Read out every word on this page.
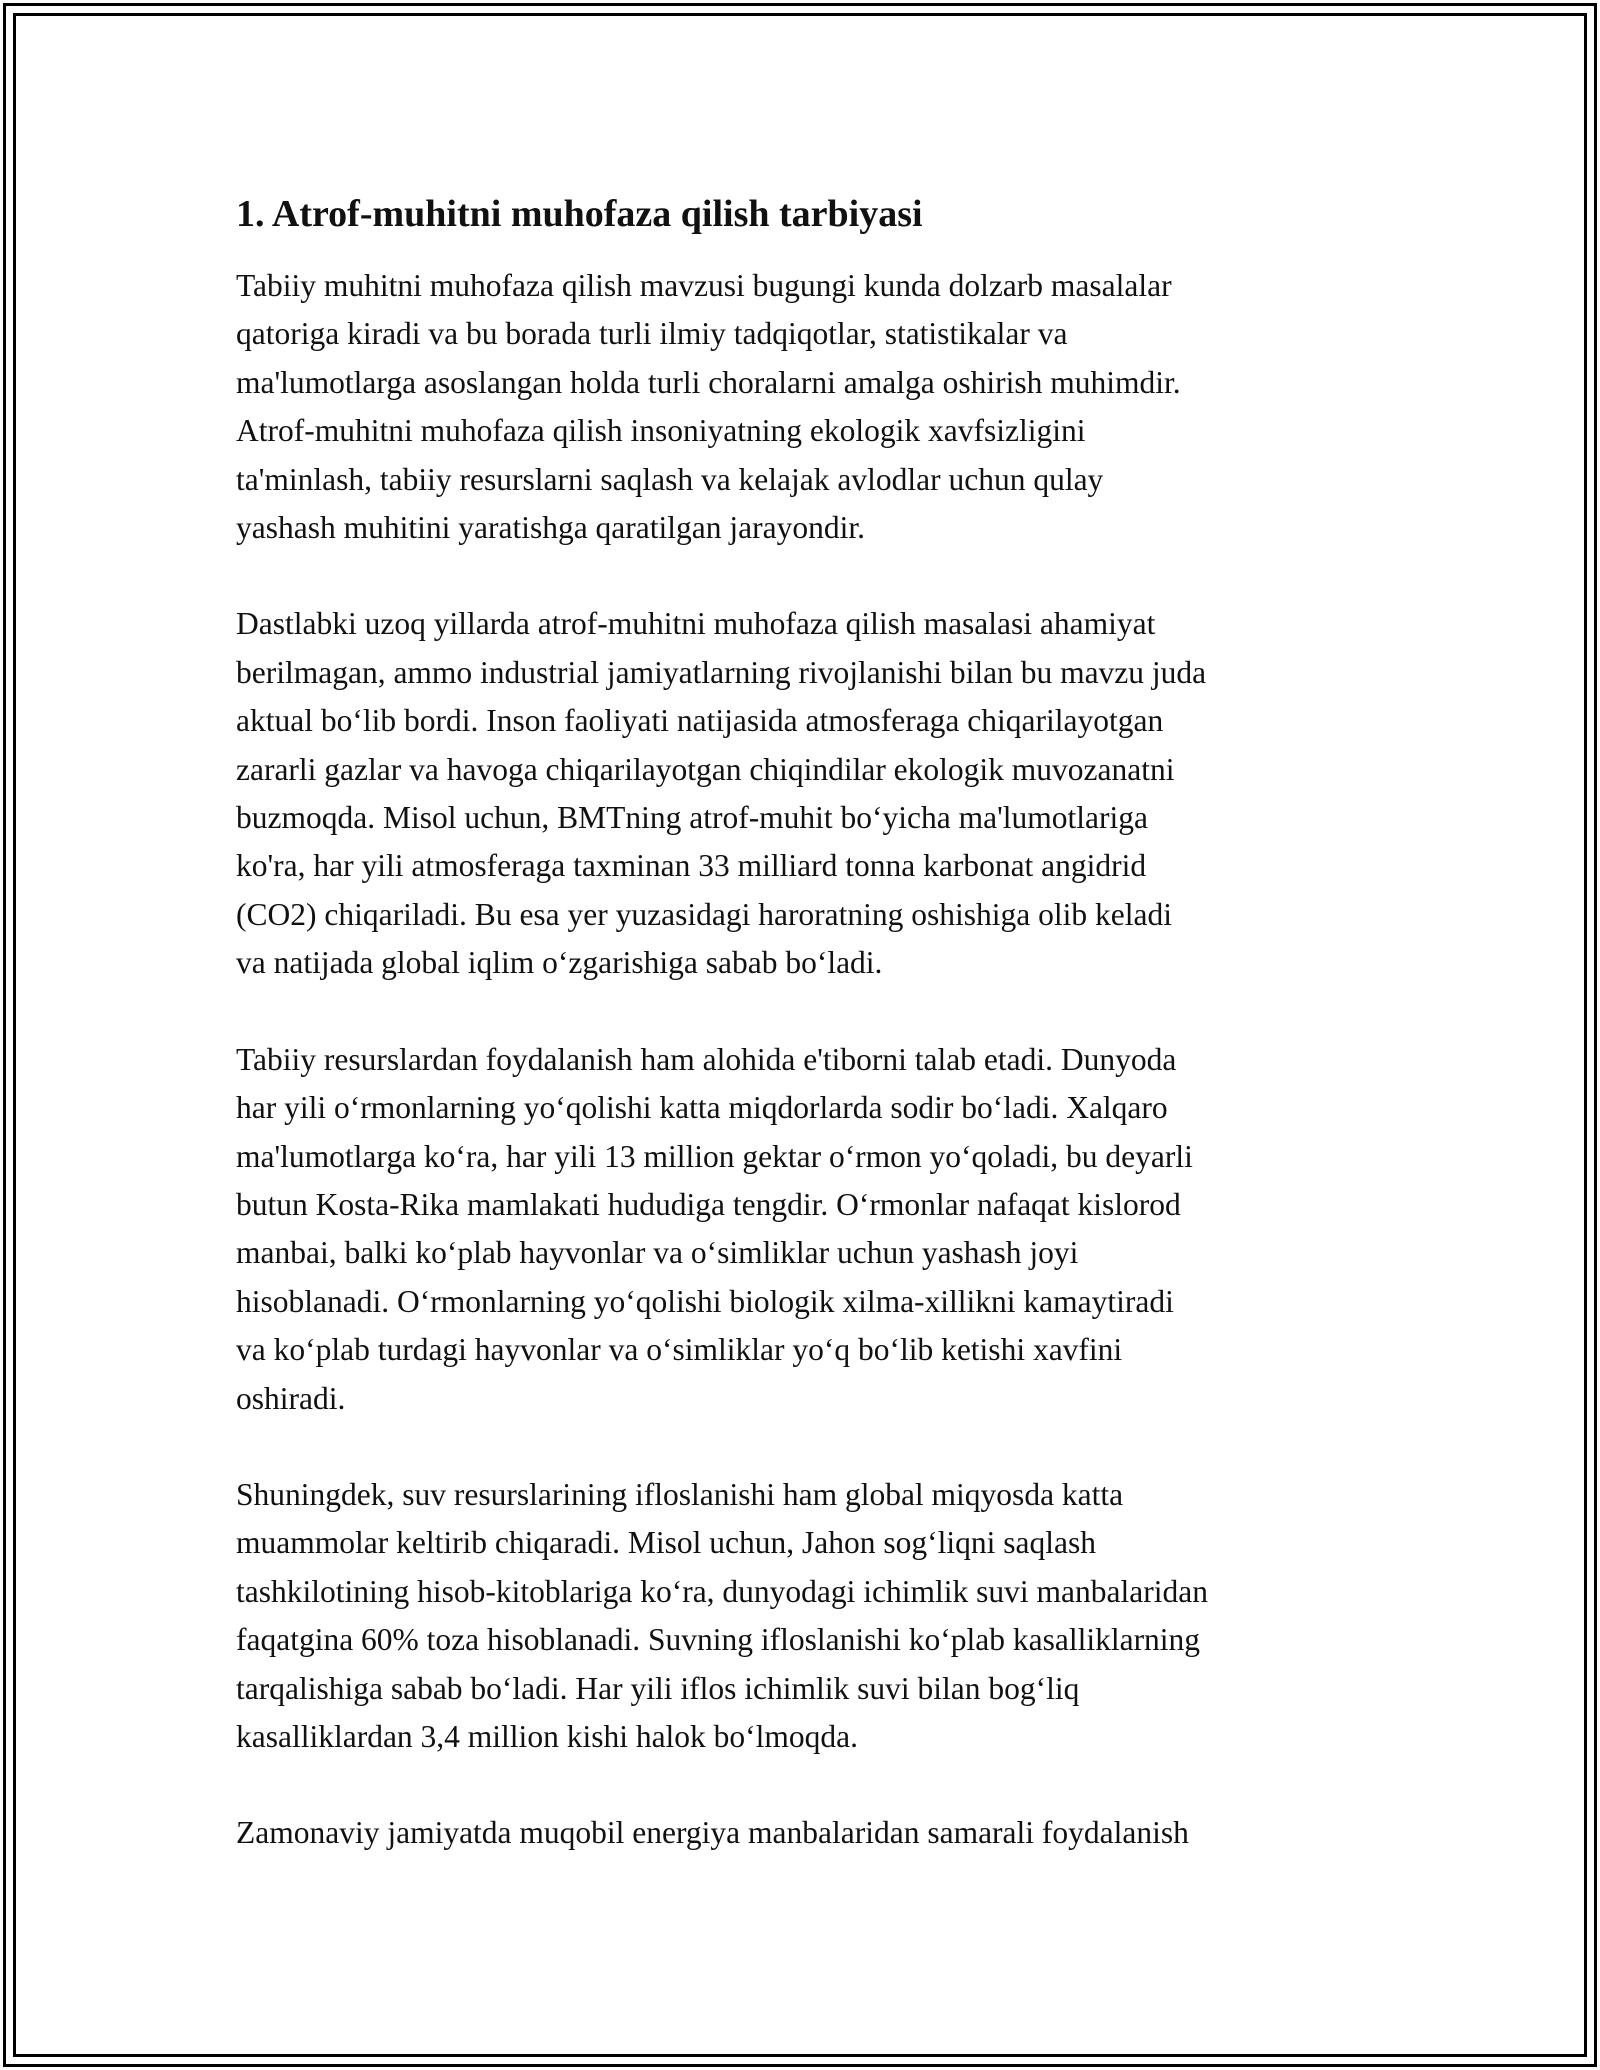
1. Atrof-muhitni muhofaza qilish tarbiyasi

Tabiiy muhitni muhofaza qilish mavzusi bugungi kunda dolzarb masalalar
qatoriga kiradi va bu borada turli ilmiy tadqiqotlar, statistikalar va
ma'lumotlarga asoslangan holda turli choralarni amalga oshirish muhimdir.
Atrof-muhitni muhofaza qilish insoniyatning ekologik xavfsizligini
ta'minlash, tabiiy resurslarni saqlash va kelajak avlodlar uchun qulay
yashash muhitini yaratishga qaratilgan jarayondir.

Dastlabki uzoq yillarda atrof-muhitni muhofaza qilish masalasi ahamiyat
berilmagan, ammo industrial jamiyatlarning rivojlanishi bilan bu mavzu juda
aktual bo‘lib bordi. Inson faoliyati natijasida atmosferaga chiqarilayotgan
zararli gazlar va havoga chiqarilayotgan chiqindilar ekologik muvozanatni
buzmoqda. Misol uchun, BMTning atrof-muhit bo‘yicha ma'lumotlariga
ko'ra, har yili atmosferaga taxminan 33 milliard tonna karbonat angidrid
(CO2) chiqariladi. Bu esa yer yuzasidagi haroratning oshishiga olib keladi
va natijada global iqlim o‘zgarishiga sabab bo‘ladi.

Tabiiy resurslardan foydalanish ham alohida e'tiborni talab etadi. Dunyoda
har yili o‘rmonlarning yo‘qolishi katta miqdorlarda sodir bo‘ladi. Xalqaro
ma'lumotlarga ko‘ra, har yili 13 million gektar o‘rmon yo‘qoladi, bu deyarli
butun Kosta-Rika mamlakati hududiga tengdir. O‘rmonlar nafaqat kislorod
manbai, balki ko‘plab hayvonlar va o‘simliklar uchun yashash joyi
hisoblanadi. O‘rmonlarning yo‘qolishi biologik xilma-xillikni kamaytiradi
va ko‘plab turdagi hayvonlar va o‘simliklar yo‘q bo‘lib ketishi xavfini
oshiradi.

Shuningdek, suv resurslarining ifloslanishi ham global miqyosda katta
muammolar keltirib chiqaradi. Misol uchun, Jahon sog‘liqni saqlash
tashkilotining hisob-kitoblariga ko‘ra, dunyodagi ichimlik suvi manbalaridan
faqatgina 60% toza hisoblanadi. Suvning ifloslanishi ko‘plab kasalliklarning
tarqalishiga sabab bo‘ladi. Har yili iflos ichimlik suvi bilan bog‘liq
kasalliklardan 3,4 million kishi halok bo‘lmoqda.

Zamonaviy jamiyatda muqobil energiya manbalaridan samarali foydalanish
